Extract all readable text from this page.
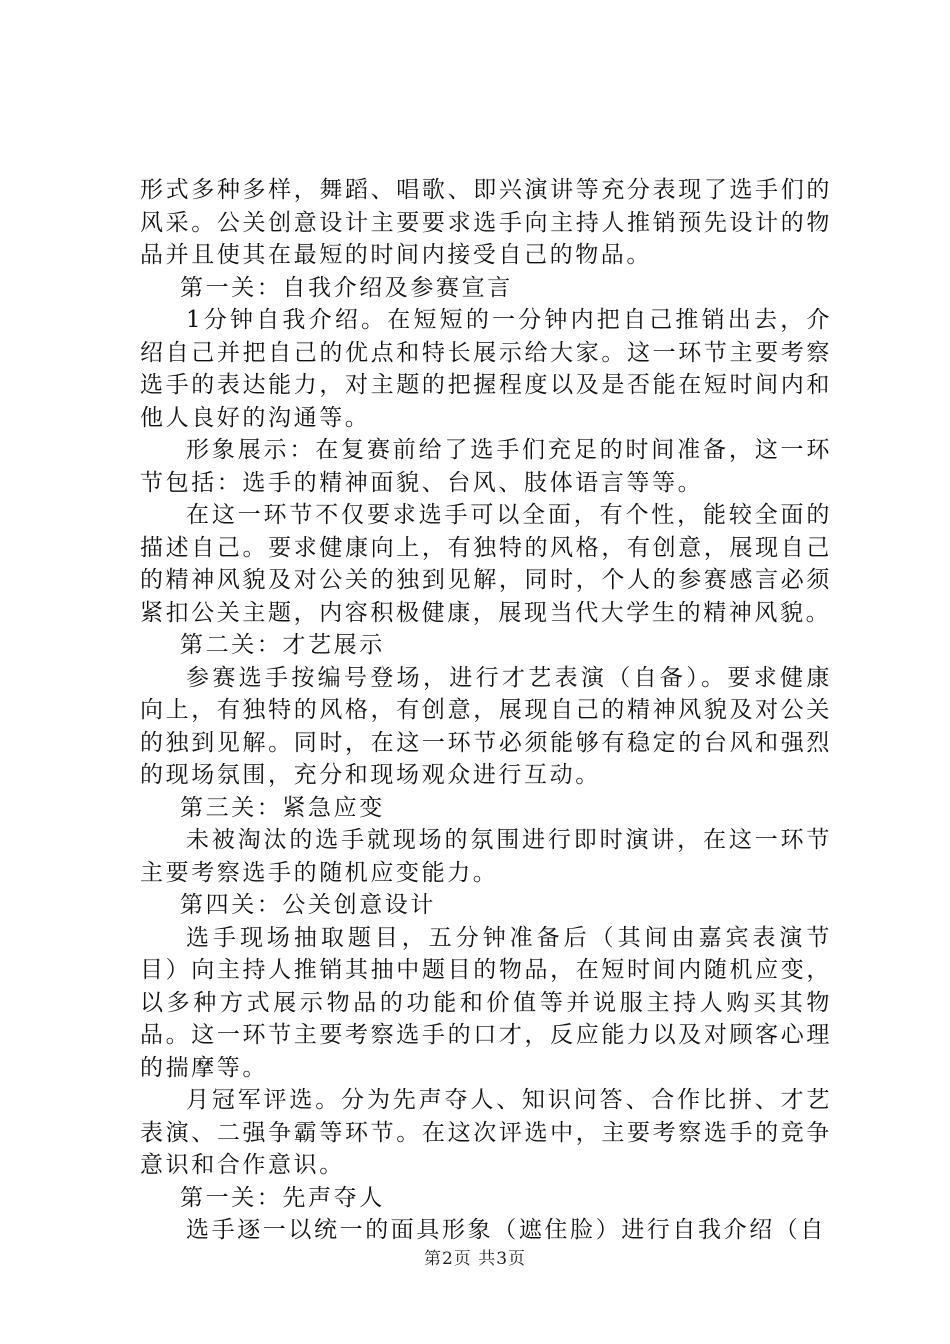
形式多种多样，舞蹈、唱歌、即兴演讲等充分表现了选手们的风采。公关创意设计主要要求选手向主持人推销预先设计的物品并且使其在最短的时间内接受自己的物品。

第一关：自我介绍及参赛宣言

1分钟自我介绍。在短短的一分钟内把自己推销出去，介绍自己并把自己的优点和特长展示给大家。这一环节主要考察选手的表达能力，对主题的把握程度以及是否能在短时间内和他人良好的沟通等。

形象展示：在复赛前给了选手们充足的时间准备，这一环节包括：选手的精神面貌、台风、肢体语言等等。

在这一环节不仅要求选手可以全面，有个性，能较全面的描述自己。要求健康向上，有独特的风格，有创意，展现自己的精神风貌及对公关的独到见解，同时，个人的参赛感言必须紧扣公关主题，内容积极健康，展现当代大学生的精神风貌。

第二关：才艺展示

参赛选手按编号登场，进行才艺表演（自备）。要求健康向上，有独特的风格，有创意，展现自己的精神风貌及对公关的独到见解。同时，在这一环节必须能够有稳定的台风和强烈的现场氛围，充分和现场观众进行互动。

第三关：紧急应变

未被淘汰的选手就现场的氛围进行即时演讲，在这一环节主要考察选手的随机应变能力。

第四关：公关创意设计

选手现场抽取题目，五分钟准备后（其间由嘉宾表演节目）向主持人推销其抽中题目的物品，在短时间内随机应变，以多种方式展示物品的功能和价值等并说服主持人购买其物品。这一环节主要考察选手的口才，反应能力以及对顾客心理的揣摩等。

月冠军评选。分为先声夺人、知识问答、合作比拼、才艺表演、二强争霸等环节。在这次评选中，主要考察选手的竞争意识和合作意识。

第一关：先声夺人

选手逐一以统一的面具形象（遮住脸）进行自我介绍（自

第2页 共3页
